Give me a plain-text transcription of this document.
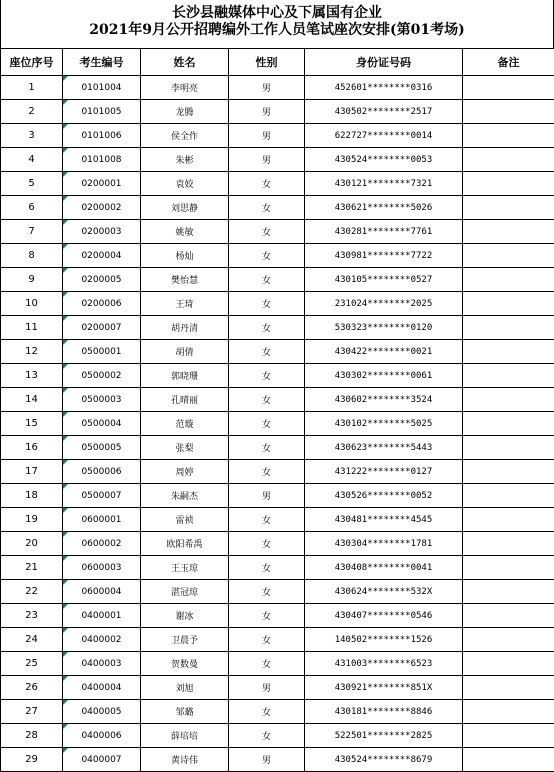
长沙县融媒体中心及下属国有企业
2021年9月公开招聘编外工作人员笔试座次安排(第01考场)
座位序号	考生编号	姓名	性别	身份证号码	备注
1	0101004	李明亮	男	452601********0316	
2	0101005	龙腾	男	430502********2517	
3	0101006	侯全作	男	622727********0014	
4	0101008	朱彬	男	430524********0053	
5	0200001	袁姣	女	430121********7321	
6	0200002	刘思静	女	430621********5026	
7	0200003	姚敏	女	430281********7761	
8	0200004	杨灿	女	430981********7722	
9	0200005	樊怡慧	女	430105********0527	
10	0200006	王琦	女	231024********2025	
11	0200007	胡丹清	女	530323********0120	
12	0500001	胡倩	女	430422********0021	
13	0500002	郭晓珊	女	430302********0061	
14	0500003	孔晴丽	女	430602********3524	
15	0500004	范璇	女	430102********5025	
16	0500005	张梨	女	430623********5443	
17	0500006	周婷	女	431222********0127	
18	0500007	朱嗣杰	男	430526********0052	
19	0600001	雷祯	女	430481********4545	
20	0600002	欧阳希禹	女	430304********1781	
21	0600003	王玉琼	女	430408********0041	
22	0600004	湛冠琼	女	430624********532X	
23	0400001	谢冰	女	430407********0546	
24	0400002	卫晨予	女	140502********1526	
25	0400003	贺数曼	女	431003********6523	
26	0400004	刘旭	男	430921********851X	
27	0400005	邹璐	女	430181********8846	
28	0400006	薛培培	女	522501********2825	
29	0400007	黄诗伟	男	430524********8679	
